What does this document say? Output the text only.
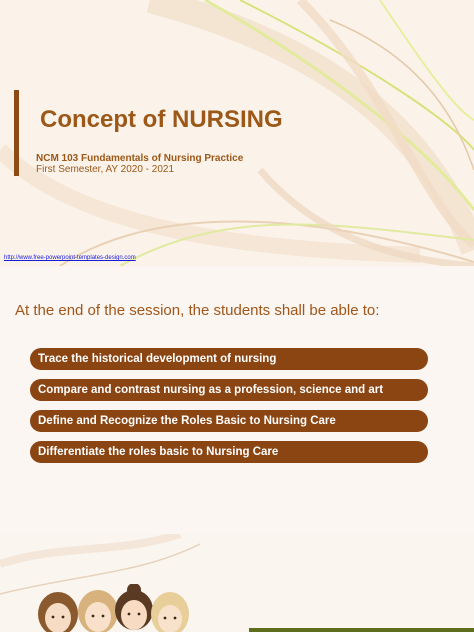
Concept of NURSING
NCM 103 Fundamentals of Nursing Practice
First Semester, AY 2020 - 2021
http://www.free-powerpoint-templates-design.com
At the end of the session, the students shall be able to:
Trace the historical development of nursing
Compare and contrast nursing as a profession, science and art
Define and Recognize the Roles Basic to Nursing Care
Differentiate the roles basic to Nursing Care
